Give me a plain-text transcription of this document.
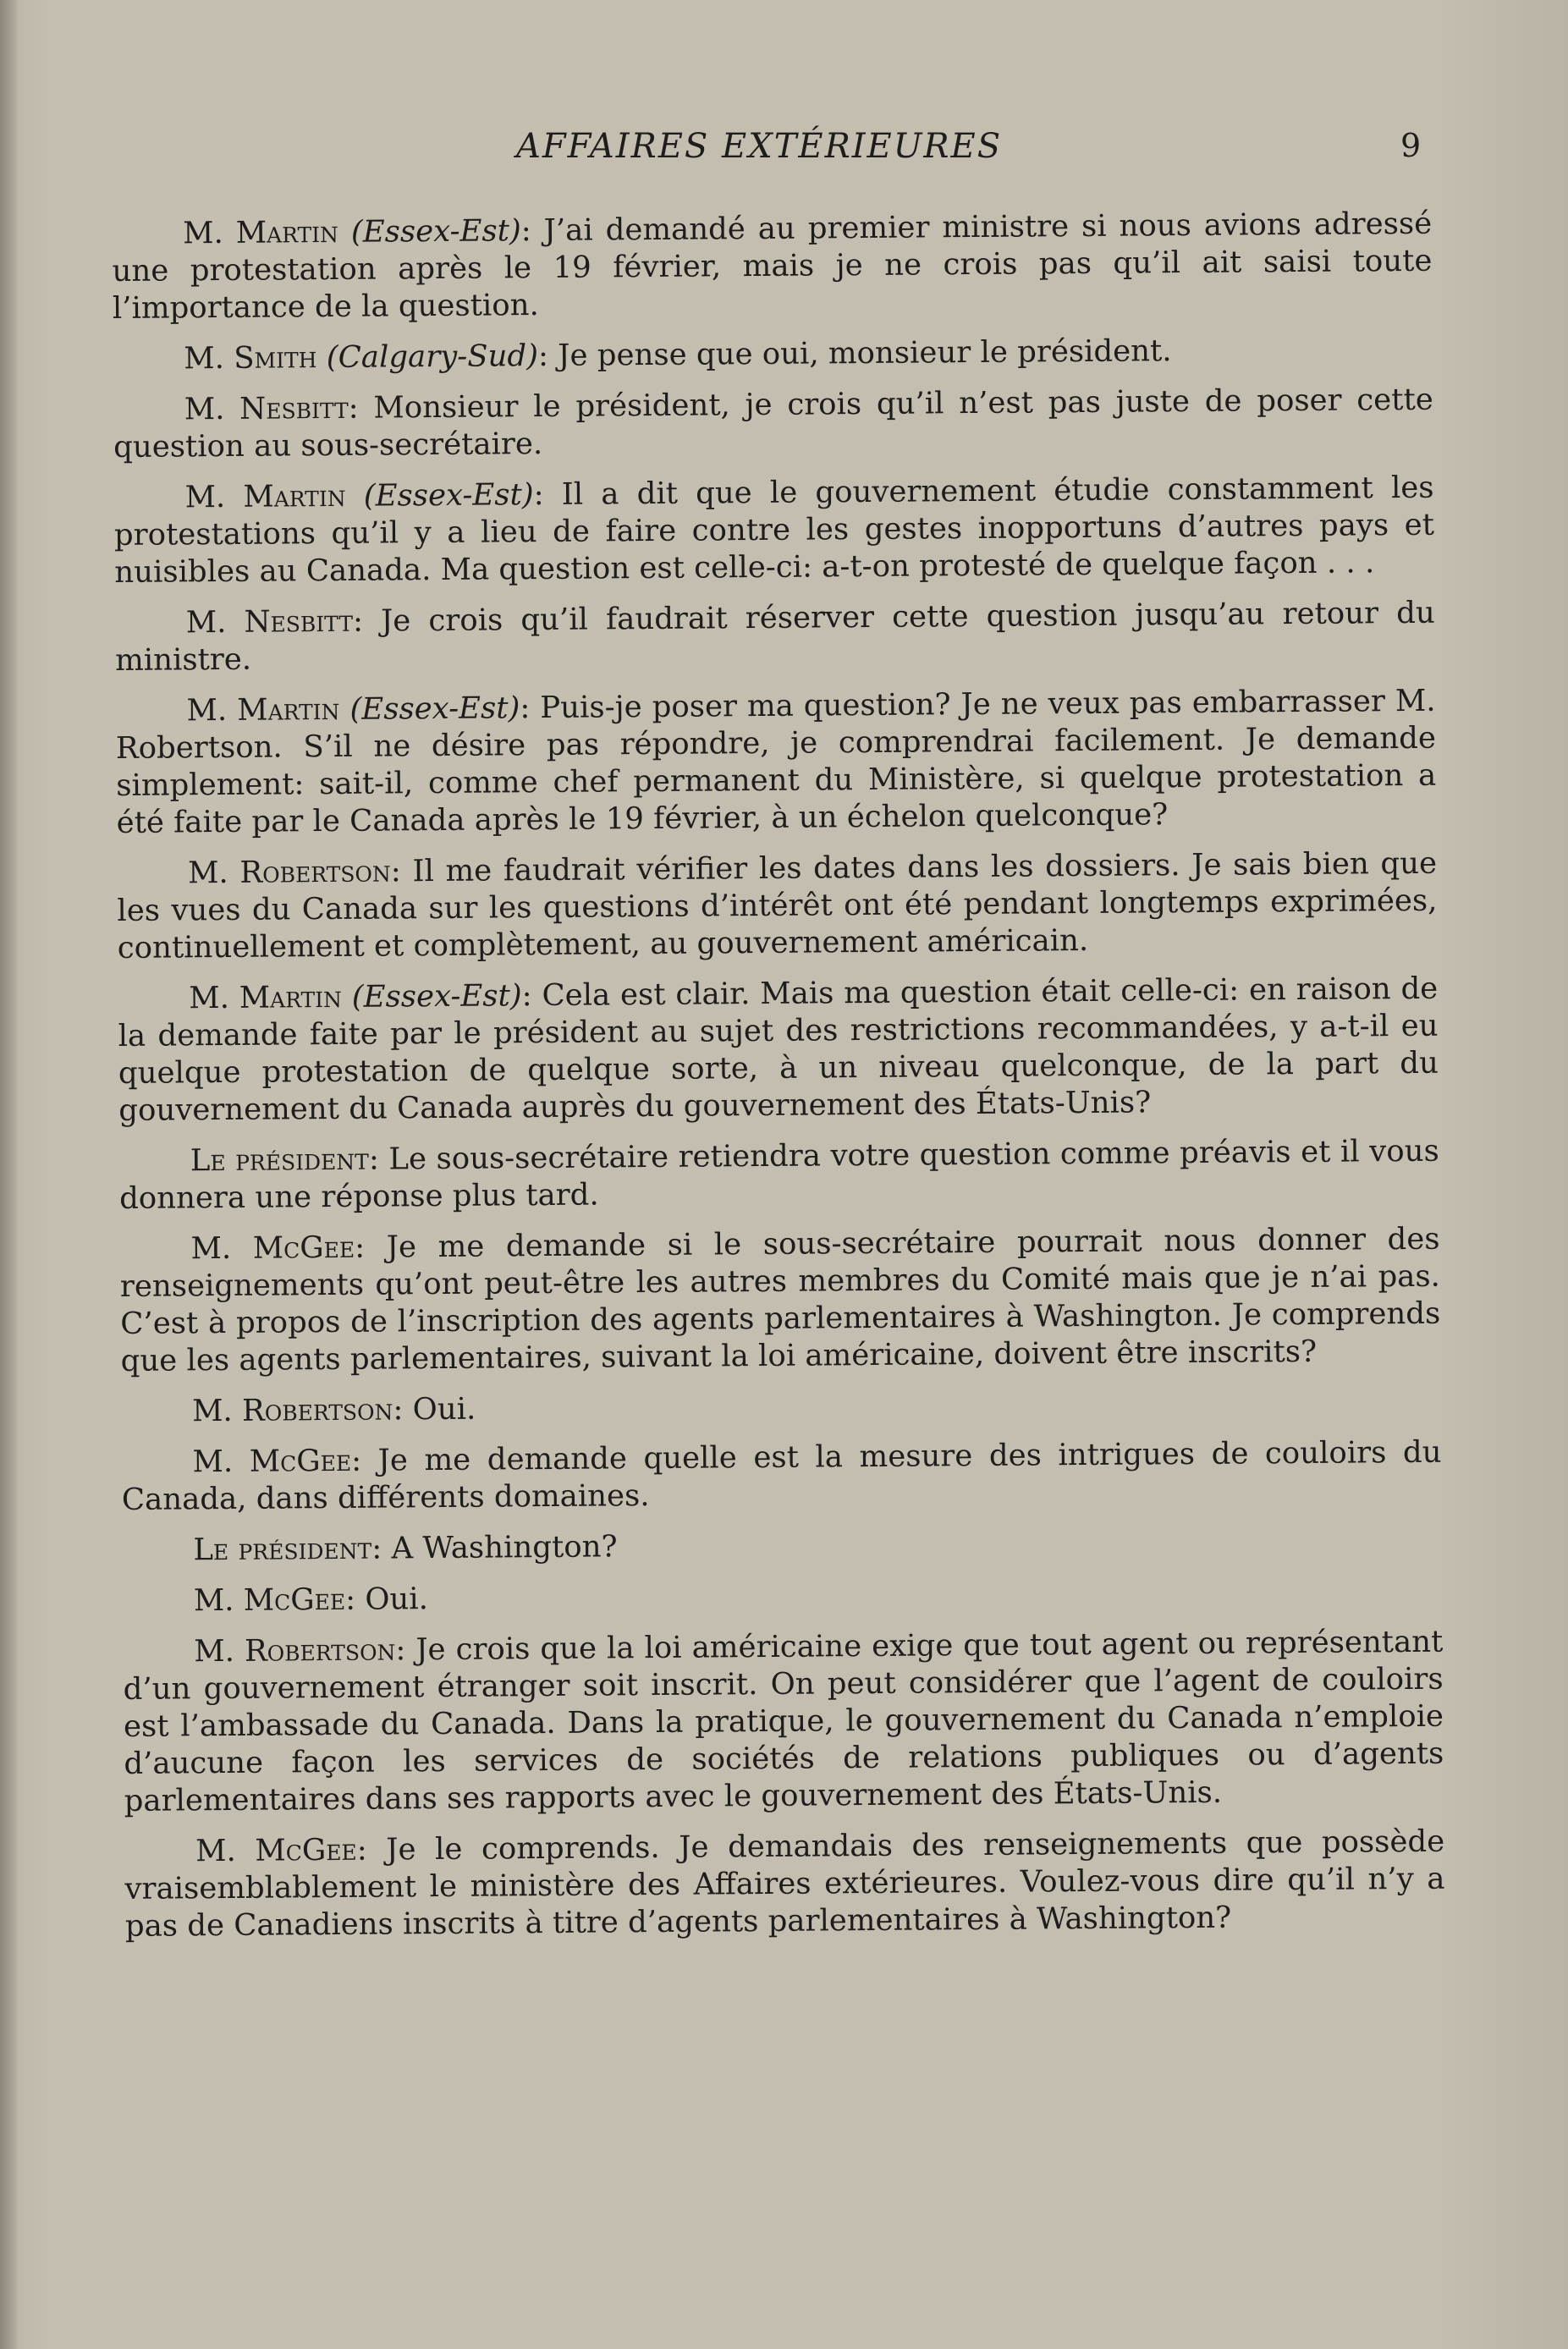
AFFAIRES EXTÉRIEURES	9

M. Martin (Essex-Est): J’ai demandé au premier ministre si nous avions adressé une protestation après le 19 février, mais je ne crois pas qu’il ait saisi toute l’importance de la question.

M. Smith (Calgary-Sud): Je pense que oui, monsieur le président.

M. Nesbitt: Monsieur le président, je crois qu’il n’est pas juste de poser cette question au sous-secrétaire.

M. Martin (Essex-Est): Il a dit que le gouvernement étudie constamment les protestations qu’il y a lieu de faire contre les gestes inopportuns d’autres pays et nuisibles au Canada. Ma question est celle-ci: a-t-on protesté de quelque façon . . .

M. Nesbitt: Je crois qu’il faudrait réserver cette question jusqu’au retour du ministre.

M. Martin (Essex-Est): Puis-je poser ma question? Je ne veux pas embarrasser M. Robertson. S’il ne désire pas répondre, je comprendrai facilement. Je demande simplement: sait-il, comme chef permanent du Ministère, si quelque protestation a été faite par le Canada après le 19 février, à un échelon quelconque?

M. Robertson: Il me faudrait vérifier les dates dans les dossiers. Je sais bien que les vues du Canada sur les questions d’intérêt ont été pendant longtemps exprimées, continuellement et complètement, au gouvernement américain.

M. Martin (Essex-Est): Cela est clair. Mais ma question était celle-ci: en raison de la demande faite par le président au sujet des restrictions recommandées, y a-t-il eu quelque protestation de quelque sorte, à un niveau quelconque, de la part du gouvernement du Canada auprès du gouvernement des États-Unis?

Le président: Le sous-secrétaire retiendra votre question comme préavis et il vous donnera une réponse plus tard.

M. McGee: Je me demande si le sous-secrétaire pourrait nous donner des renseignements qu’ont peut-être les autres membres du Comité mais que je n’ai pas. C’est à propos de l’inscription des agents parlementaires à Washington. Je comprends que les agents parlementaires, suivant la loi américaine, doivent être inscrits?

M. Robertson: Oui.

M. McGee: Je me demande quelle est la mesure des intrigues de couloirs du Canada, dans différents domaines.

Le président: A Washington?

M. McGee: Oui.

M. Robertson: Je crois que la loi américaine exige que tout agent ou représentant d’un gouvernement étranger soit inscrit. On peut considérer que l’agent de couloirs est l’ambassade du Canada. Dans la pratique, le gouvernement du Canada n’emploie d’aucune façon les services de sociétés de relations publiques ou d’agents parlementaires dans ses rapports avec le gouvernement des États-Unis.

M. McGee: Je le comprends. Je demandais des renseignements que possède vraisemblablement le ministère des Affaires extérieures. Voulez-vous dire qu’il n’y a pas de Canadiens inscrits à titre d’agents parlementaires à Washington?
